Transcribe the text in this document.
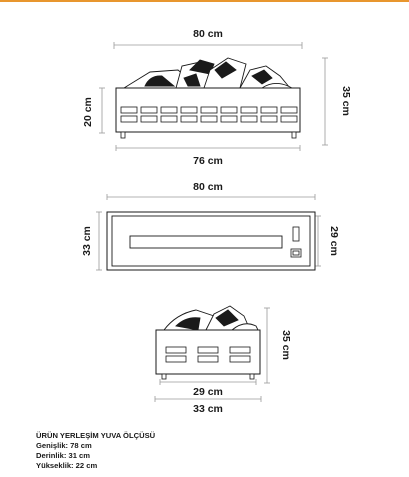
80 cm
35 cm
20 cm
76 cm
80 cm
33 cm	29 cm
35 cm
29 cm
33 cm
ÜRÜN YERLEŞİM YUVA ÖLÇÜSÜ
Genişlik: 78 cm
Derinlik: 31 cm
Yükseklik: 22 cm
